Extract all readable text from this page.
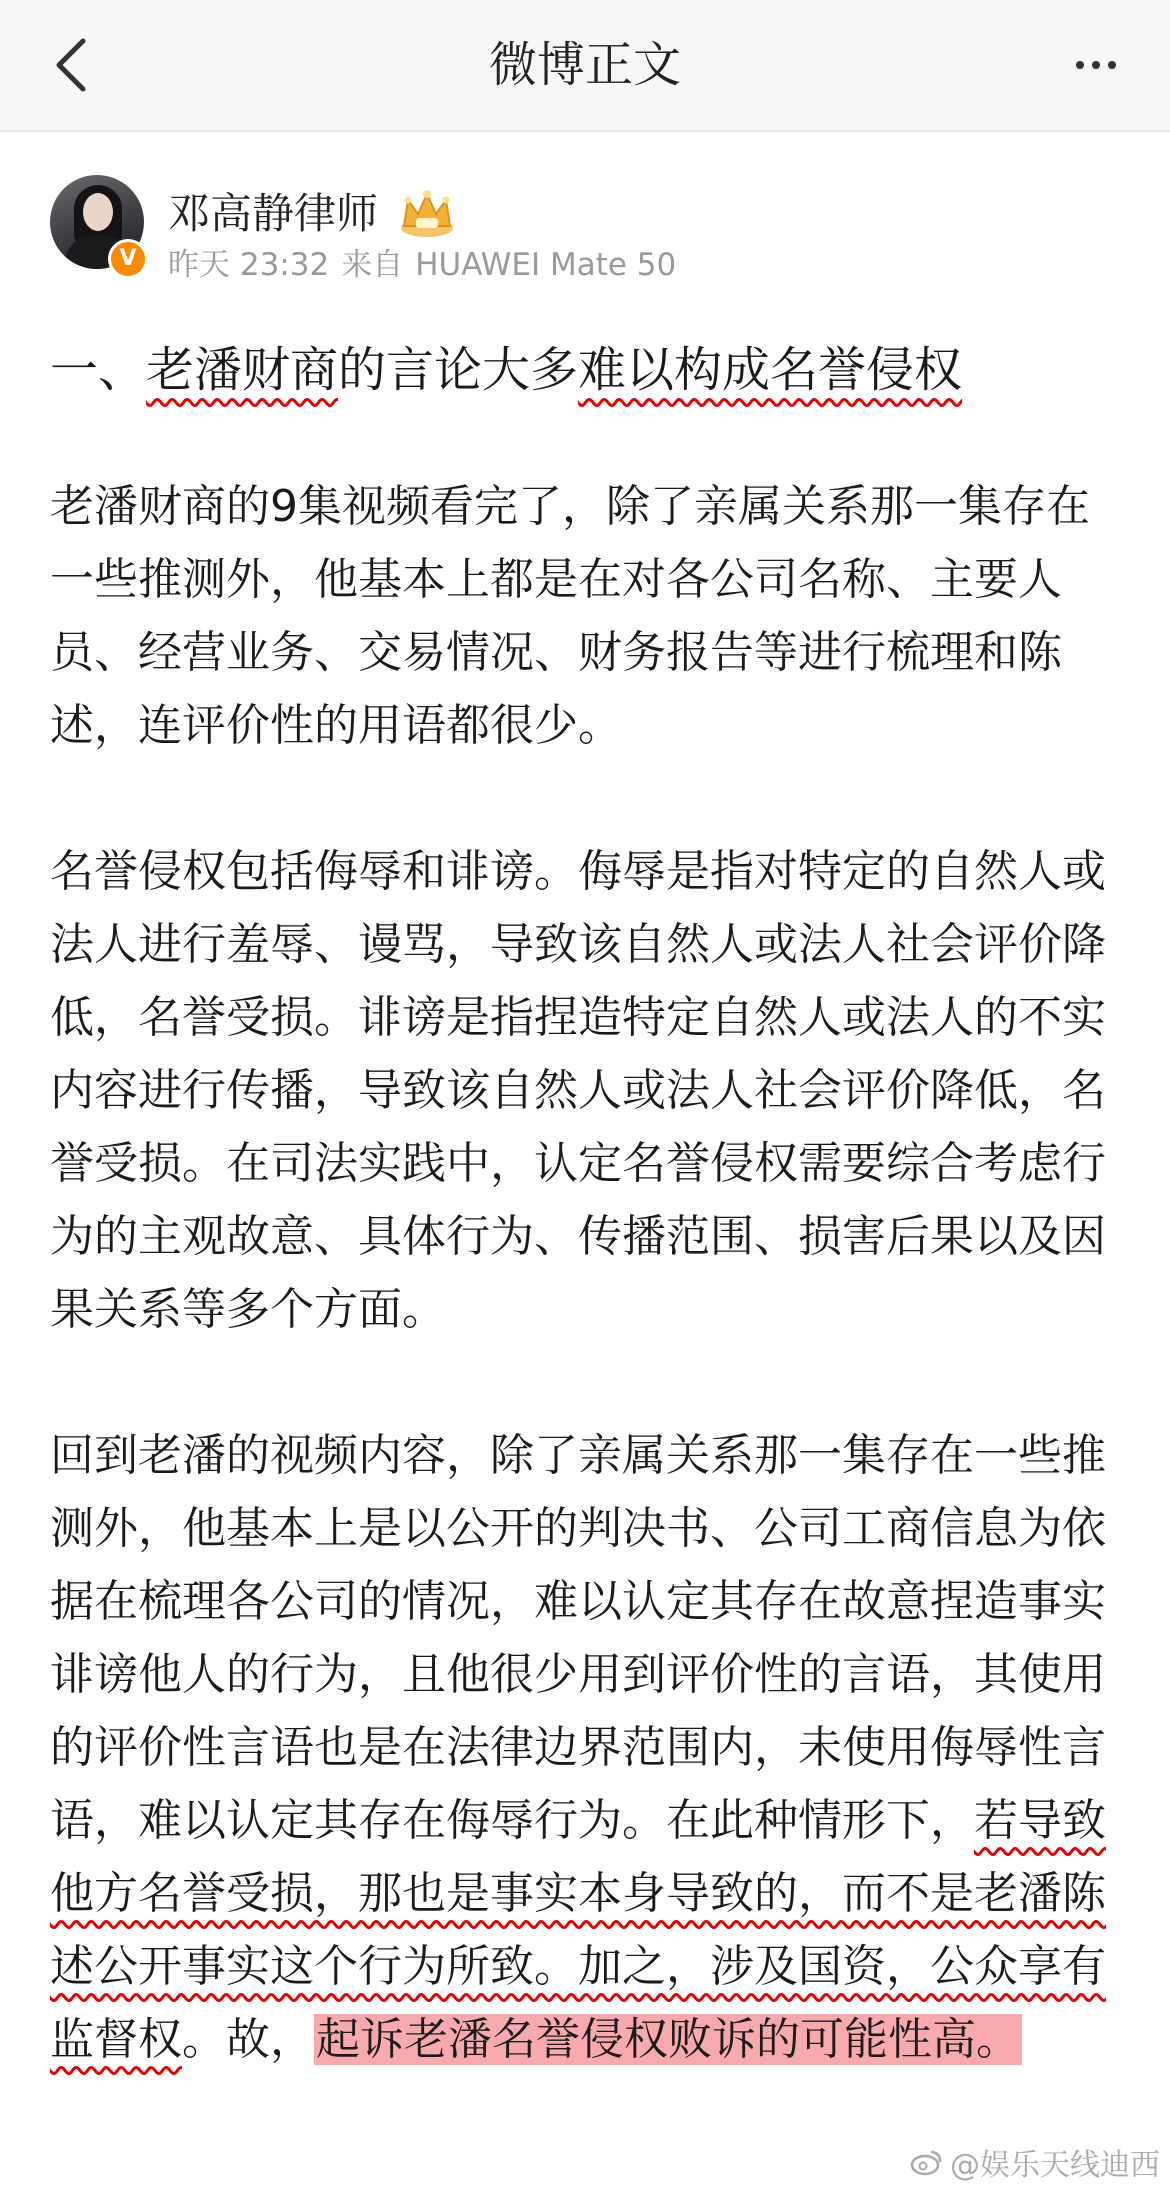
微博正文
V
邓高静律师
昨天 23:32 来自 HUAWEI Mate 50

一、老潘财商的言论大多难以构成名誉侵权

老潘财商的9集视频看完了，除了亲属关系那一集存在一些推测外，他基本上都是在对各公司名称、主要人员、经营业务、交易情况、财务报告等进行梳理和陈述，连评价性的用语都很少。

名誉侵权包括侮辱和诽谤。侮辱是指对特定的自然人或法人进行羞辱、谩骂，导致该自然人或法人社会评价降低，名誉受损。诽谤是指捏造特定自然人或法人的不实内容进行传播，导致该自然人或法人社会评价降低，名誉受损。在司法实践中，认定名誉侵权需要综合考虑行为的主观故意、具体行为、传播范围、损害后果以及因果关系等多个方面。

回到老潘的视频内容，除了亲属关系那一集存在一些推测外，他基本上是以公开的判决书、公司工商信息为依据在梳理各公司的情况，难以认定其存在故意捏造事实诽谤他人的行为，且他很少用到评价性的言语，其使用的评价性言语也是在法律边界范围内，未使用侮辱性言语，难以认定其存在侮辱行为。在此种情形下，若导致他方名誉受损，那也是事实本身导致的，而不是老潘陈述公开事实这个行为所致。加之，涉及国资，公众享有监督权。故，起诉老潘名誉侵权败诉的可能性高。

@娱乐天线迪西
